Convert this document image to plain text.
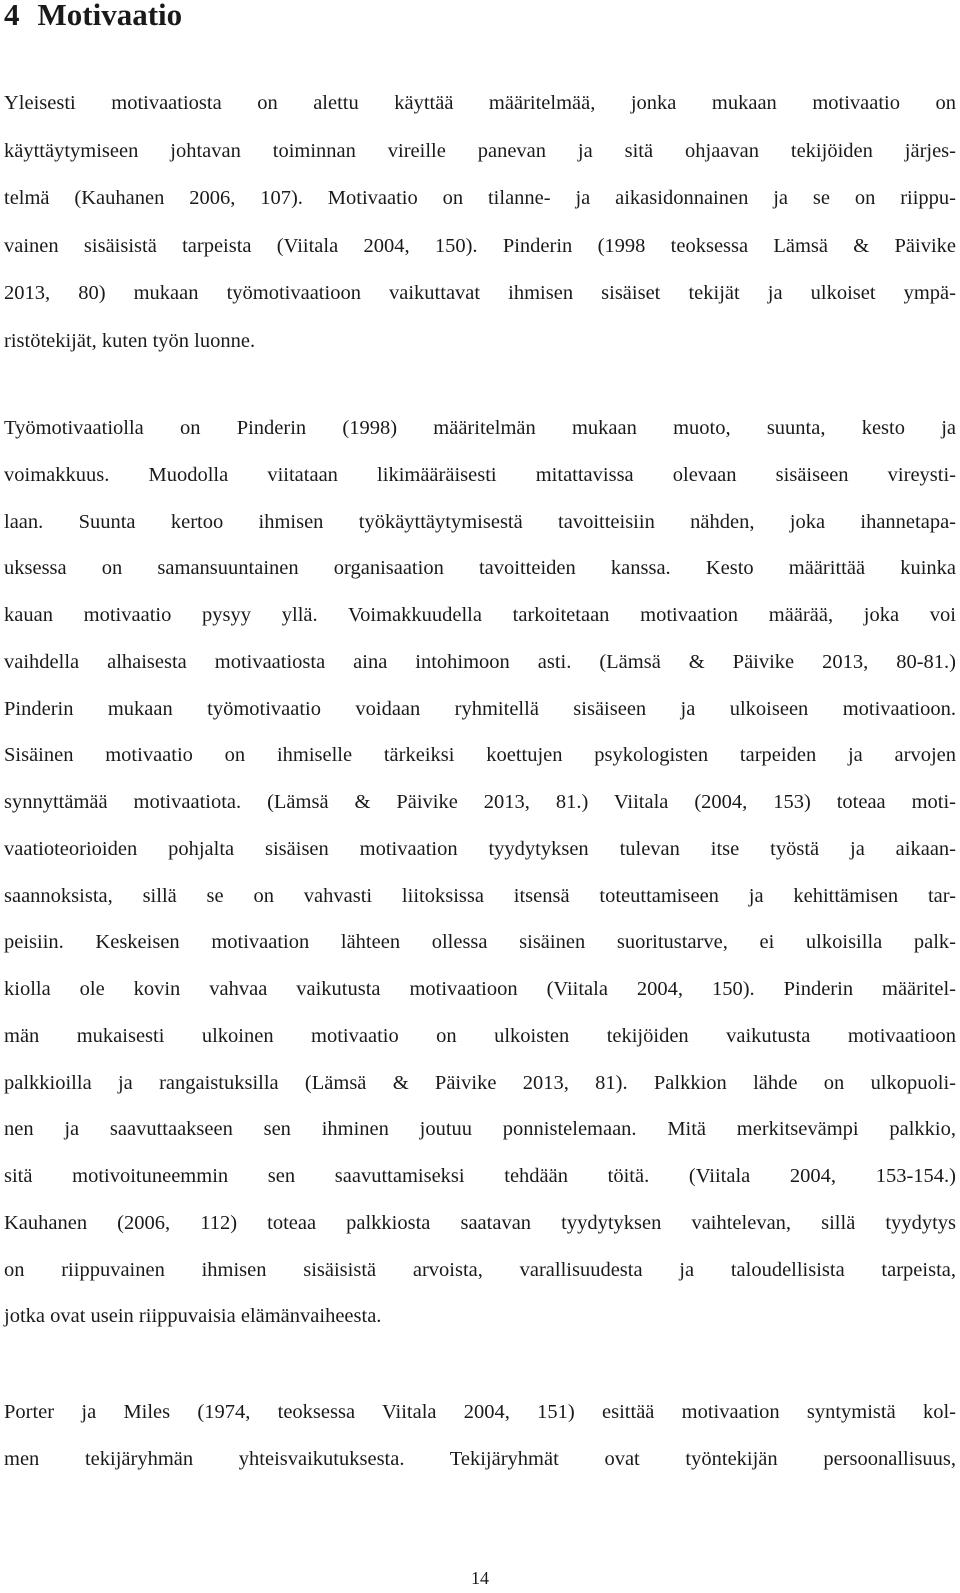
4 Motivaatio
Yleisesti motivaatiosta on alettu käyttää määritelmää, jonka mukaan motivaatio on
käyttäytymiseen johtavan toiminnan vireille panevan ja sitä ohjaavan tekijöiden järjes-
telmä (Kauhanen 2006, 107). Motivaatio on tilanne- ja aikasidonnainen ja se on riippu-
vainen sisäisistä tarpeista (Viitala 2004, 150). Pinderin (1998 teoksessa Lämsä & Päivike
2013, 80) mukaan työmotivaatioon vaikuttavat ihmisen sisäiset tekijät ja ulkoiset ympä-
ristötekijät, kuten työn luonne.
Työmotivaatiolla on Pinderin (1998) määritelmän mukaan muoto, suunta, kesto ja
voimakkuus. Muodolla viitataan likimääräisesti mitattavissa olevaan sisäiseen vireysti-
laan. Suunta kertoo ihmisen työkäyttäytymisestä tavoitteisiin nähden, joka ihannetapa-
uksessa on samansuuntainen organisaation tavoitteiden kanssa. Kesto määrittää kuinka
kauan motivaatio pysyy yllä. Voimakkuudella tarkoitetaan motivaation määrää, joka voi
vaihdella alhaisesta motivaatiosta aina intohimoon asti. (Lämsä & Päivike 2013, 80-81.)
Pinderin mukaan työmotivaatio voidaan ryhmitellä sisäiseen ja ulkoiseen motivaatioon.
Sisäinen motivaatio on ihmiselle tärkeiksi koettujen psykologisten tarpeiden ja arvojen
synnyttämää motivaatiota. (Lämsä & Päivike 2013, 81.) Viitala (2004, 153) toteaa moti-
vaatioteorioiden pohjalta sisäisen motivaation tyydytyksen tulevan itse työstä ja aikaan-
saannoksista, sillä se on vahvasti liitoksissa itsensä toteuttamiseen ja kehittämisen tar-
peisiin. Keskeisen motivaation lähteen ollessa sisäinen suoritustarve, ei ulkoisilla palk-
kiolla ole kovin vahvaa vaikutusta motivaatioon (Viitala 2004, 150). Pinderin määritel-
män mukaisesti ulkoinen motivaatio on ulkoisten tekijöiden vaikutusta motivaatioon
palkkioilla ja rangaistuksilla (Lämsä & Päivike 2013, 81). Palkkion lähde on ulkopuoli-
nen ja saavuttaakseen sen ihminen joutuu ponnistelemaan. Mitä merkitsevämpi palkkio,
sitä motivoituneemmin sen saavuttamiseksi tehdään töitä. (Viitala 2004, 153-154.)
Kauhanen (2006, 112) toteaa palkkiosta saatavan tyydytyksen vaihtelevan, sillä tyydytys
on riippuvainen ihmisen sisäisistä arvoista, varallisuudesta ja taloudellisista tarpeista,
jotka ovat usein riippuvaisia elämänvaiheesta.
Porter ja Miles (1974, teoksessa Viitala 2004, 151) esittää motivaation syntymistä kol-
men tekijäryhmän yhteisvaikutuksesta. Tekijäryhmät ovat työntekijän persoonallisuus,
14
